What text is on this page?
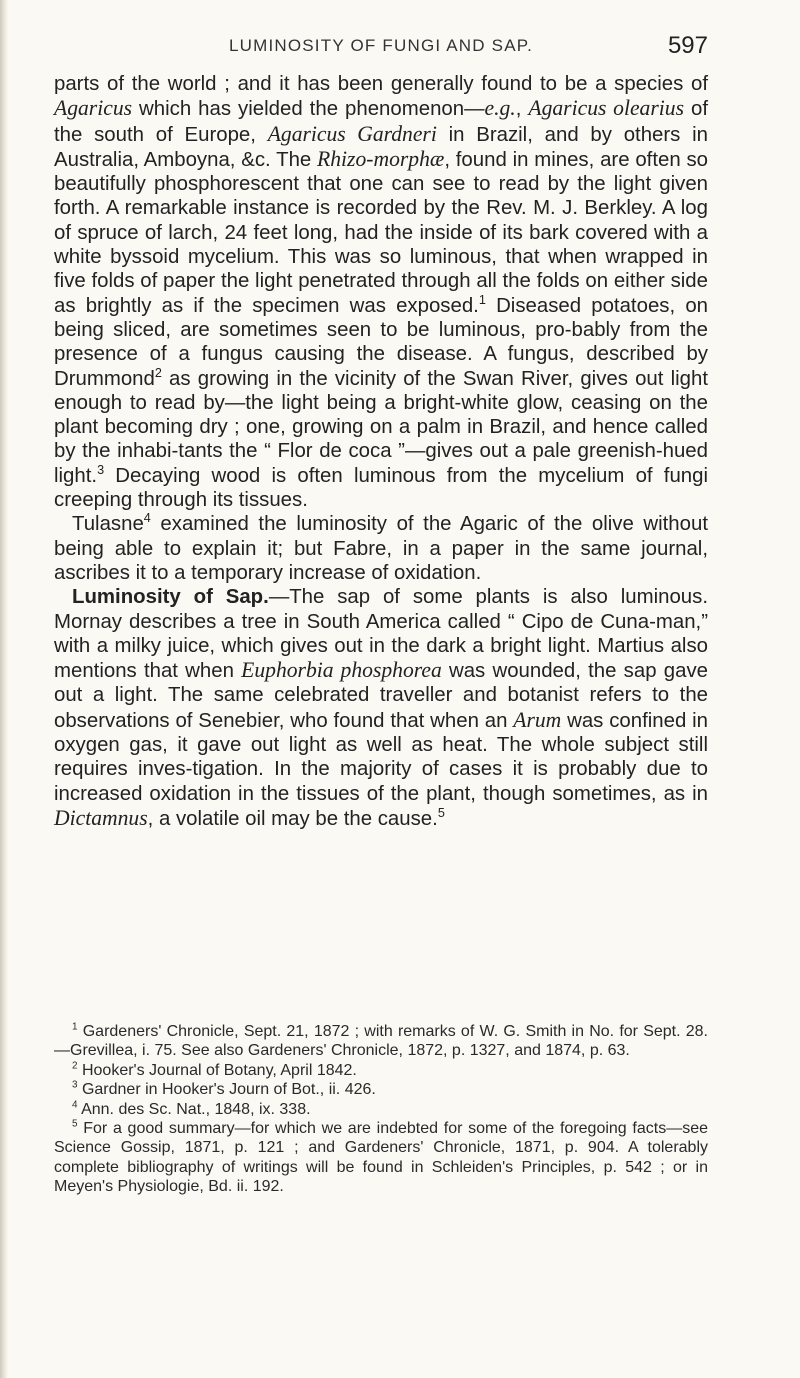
LUMINOSITY OF FUNGI AND SAP.	597

parts of the world ; and it has been generally found to be a species of Agaricus which has yielded the phenomenon—e.g., Agaricus olearius of the south of Europe, Agaricus Gardneri in Brazil, and by others in Australia, Amboyna, &c. The Rhizo-morphæ, found in mines, are often so beautifully phosphorescent that one can see to read by the light given forth. A remarkable instance is recorded by the Rev. M. J. Berkley. A log of spruce of larch, 24 feet long, had the inside of its bark covered with a white byssoid mycelium. This was so luminous, that when wrapped in five folds of paper the light penetrated through all the folds on either side as brightly as if the specimen was exposed.$^1$ Diseased potatoes, on being sliced, are sometimes seen to be luminous, pro-bably from the presence of a fungus causing the disease. A fungus, described by Drummond$^2$ as growing in the vicinity of the Swan River, gives out light enough to read by—the light being a bright-white glow, ceasing on the plant becoming dry ; one, growing on a palm in Brazil, and hence called by the inhabi-tants the “ Flor de coca ”—gives out a pale greenish-hued light.$^3$ Decaying wood is often luminous from the mycelium of fungi creeping through its tissues.

Tulasne$^4$ examined the luminosity of the Agaric of the olive without being able to explain it; but Fabre, in a paper in the same journal, ascribes it to a temporary increase of oxidation.

Luminosity of Sap.—The sap of some plants is also luminous. Mornay describes a tree in South America called “ Cipo de Cuna-man,” with a milky juice, which gives out in the dark a bright light. Martius also mentions that when Euphorbia phosphorea was wounded, the sap gave out a light. The same celebrated traveller and botanist refers to the observations of Senebier, who found that when an Arum was confined in oxygen gas, it gave out light as well as heat. The whole subject still requires inves-tigation. In the majority of cases it is probably due to increased oxidation in the tissues of the plant, though sometimes, as in Dictamnus, a volatile oil may be the cause.$^5$

$^1$ Gardeners' Chronicle, Sept. 21, 1872 ; with remarks of W. G. Smith in No. for Sept. 28.—Grevillea, i. 75. See also Gardeners' Chronicle, 1872, p. 1327, and 1874, p. 63.

$^2$ Hooker's Journal of Botany, April 1842.

$^3$ Gardner in Hooker's Journ of Bot., ii. 426.

$^4$ Ann. des Sc. Nat., 1848, ix. 338.

$^5$ For a good summary—for which we are indebted for some of the foregoing facts—see Science Gossip, 1871, p. 121 ; and Gardeners' Chronicle, 1871, p. 904. A tolerably complete bibliography of writings will be found in Schleiden's Principles, p. 542 ; or in Meyen's Physiologie, Bd. ii. 192.
